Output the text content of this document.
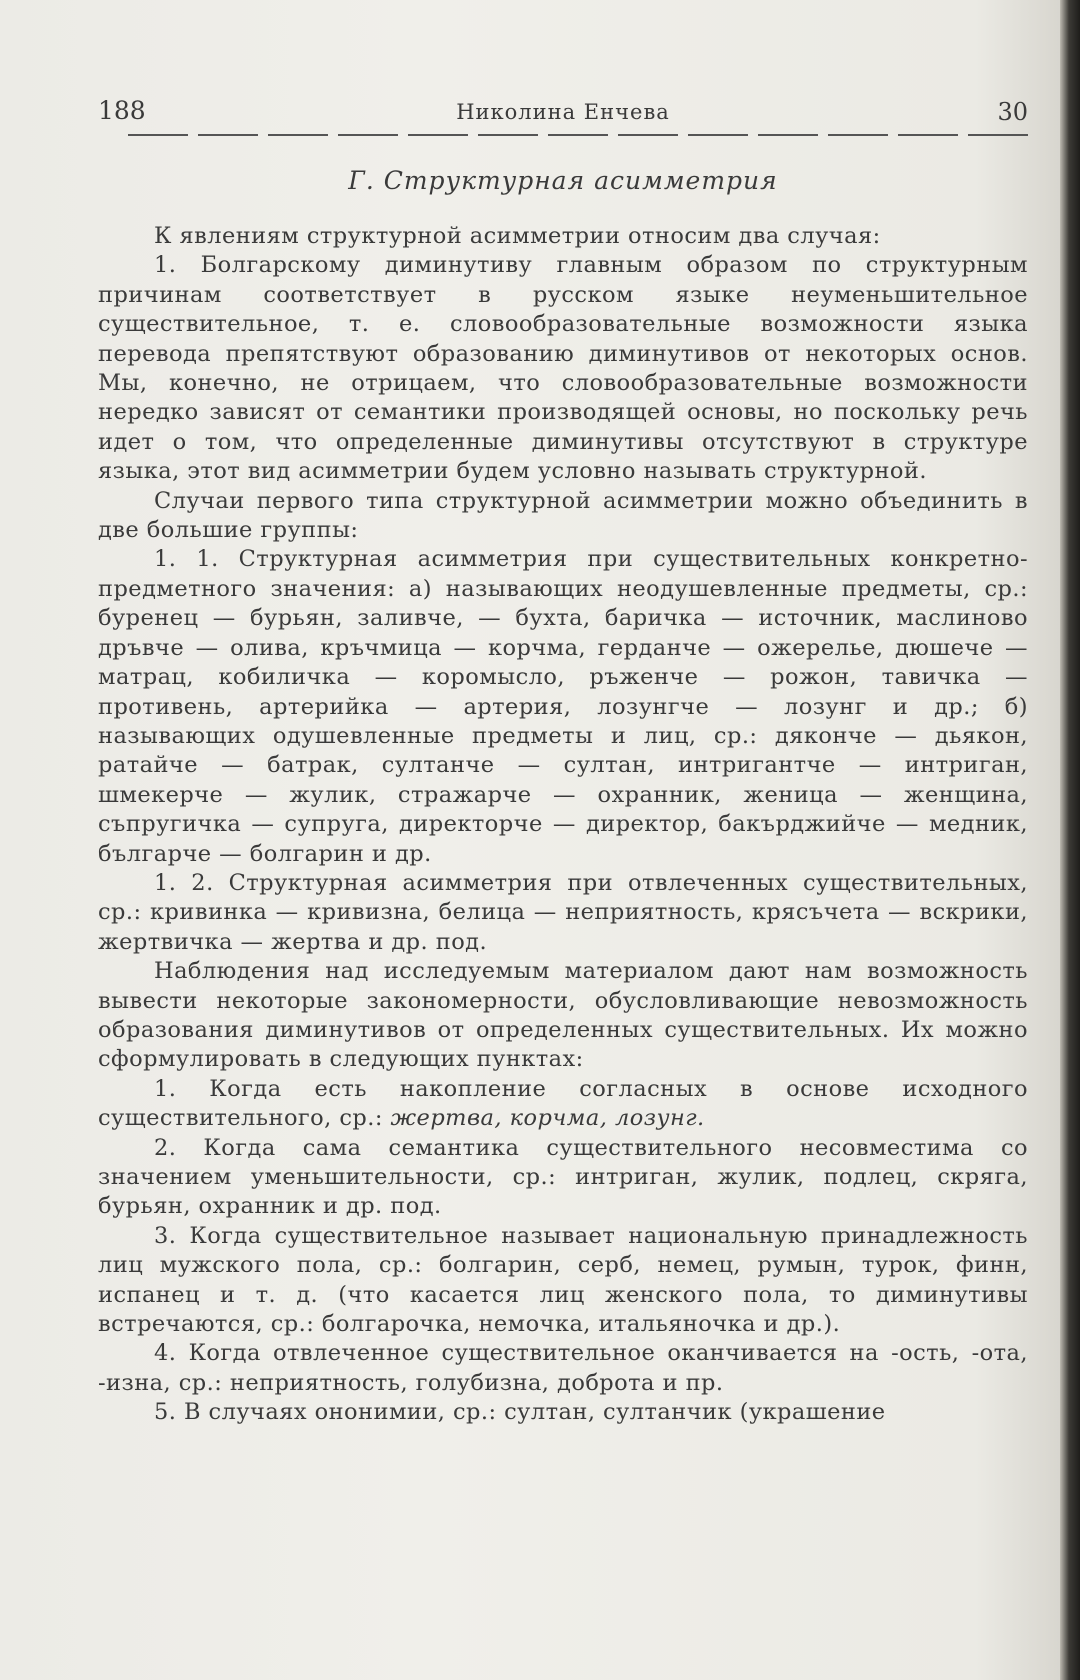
188	Николина Енчева	30
Г. Структурная асимметрия

К явлениям структурной асимметрии относим два случая:

1. Болгарскому диминутиву главным образом по структурным причинам соответствует в русском языке неуменьшительное существительное, т. е. словообразовательные возможности языка перевода препятствуют образованию диминутивов от некоторых основ. Мы, конечно, не отрицаем, что словообразовательные возможности нередко зависят от семантики производящей основы, но поскольку речь идет о том, что определенные диминутивы отсутствуют в структуре языка, этот вид асимметрии будем условно называть структурной.

Случаи первого типа структурной асимметрии можно объединить в две большие группы:

1. 1. Структурная асимметрия при существительных конкретно-предметного значения: а) называющих неодушевленные предметы, ср.: буренец — бурьян, заливче, — бухта, баричка — источник, маслиново дръвче — олива, кръчмица — корчма, герданче — ожерелье, дюшече — матрац, кобиличка — коромысло, ръженче — рожон, тавичка — противень, артерийка — артерия, лозунгче — лозунг и др.; б) называющих одушевленные предметы и лиц, ср.: дяконче — дьякон, ратайче — батрак, султанче — султан, интригантче — интриган, шмекерче — жулик, стражарче — охранник, женица — женщина, съпругичка — супруга, директорче — директор, бакърджийче — медник, българче — болгарин и др.

1. 2. Структурная асимметрия при отвлеченных существительных, ср.: кривинка — кривизна, белица — неприятность, крясъчета — вскрики, жертвичка — жертва и др. под.

Наблюдения над исследуемым материалом дают нам возможность вывести некоторые закономерности, обусловливающие невозможность образования диминутивов от определенных существительных. Их можно сформулировать в следующих пунктах:

1. Когда есть накопление согласных в основе исходного существительного, ср.: жертва, корчма, лозунг.

2. Когда сама семантика существительного несовместима со значением уменьшительности, ср.: интриган, жулик, подлец, скряга, бурьян, охранник и др. под.

3. Когда существительное называет национальную принадлежность лиц мужского пола, ср.: болгарин, серб, немец, румын, турок, финн, испанец и т. д. (что касается лиц женского пола, то диминутивы встречаются, ср.: болгарочка, немочка, итальяночка и др.).

4. Когда отвлеченное существительное оканчивается на -ость, -ота, -изна, ср.: неприятность, голубизна, доброта и пр.

5. В случаях ононимии, ср.: султан, султанчик (украшение
